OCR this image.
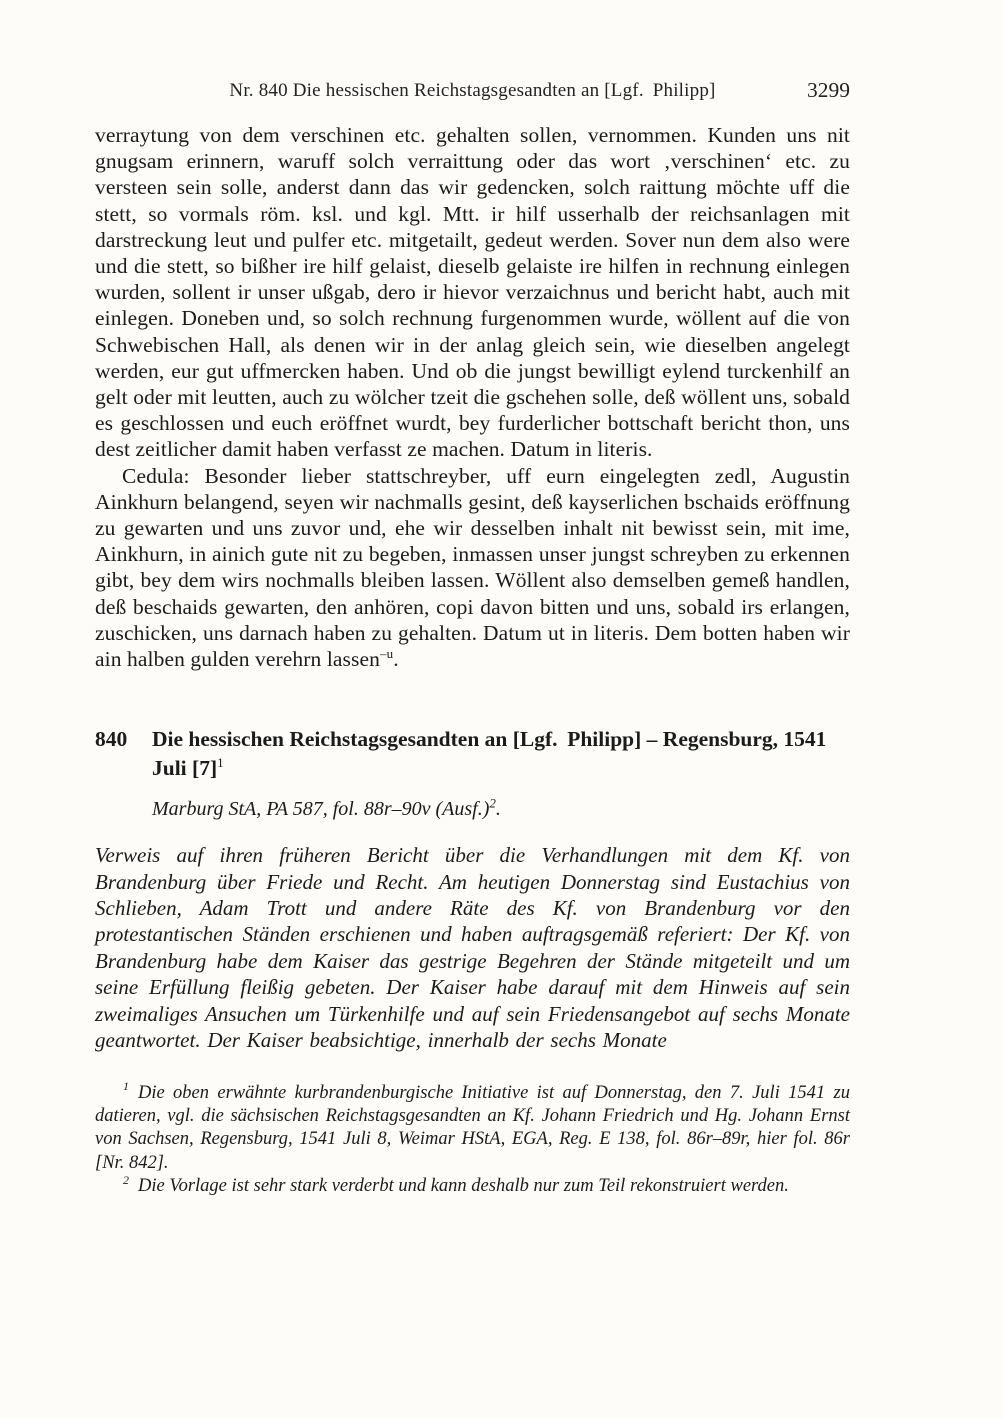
Nr. 840 Die hessischen Reichstagsgesandten an [Lgf.  Philipp]	3299

verraytung von dem verschinen etc. gehalten sollen, vernommen. Kunden uns nit gnugsam erinnern, waruff solch verraittung oder das wort ‚verschinen‘ etc. zu versteen sein solle, anderst dann das wir gedencken, solch raittung möchte uff die stett, so vormals röm. ksl. und kgl. Mtt. ir hilf usserhalb der reichsanlagen mit darstreckung leut und pulfer etc. mitgetailt, gedeut werden. Sover nun dem also were und die stett, so bißher ire hilf gelaist, dieselb gelaiste ire hilfen in rechnung einlegen wurden, sollent ir unser ußgab, dero ir hievor verzaichnus und bericht habt, auch mit einlegen. Doneben und, so solch rechnung furgenommen wurde, wöllent auf die von Schwebischen Hall, als denen wir in der anlag gleich sein, wie dieselben angelegt werden, eur gut uffmercken haben. Und ob die jungst bewilligt eylend turckenhilf an gelt oder mit leutten, auch zu wölcher tzeit die gschehen solle, deß wöllent uns, sobald es geschlossen und euch eröffnet wurdt, bey furderlicher bottschaft bericht thon, uns dest zeitlicher damit haben verfasst ze machen. Datum in literis.

Cedula: Besonder lieber stattschreyber, uff eurn eingelegten zedl, Augustin Ainkhurn belangend, seyen wir nachmalls gesint, deß kayserlichen bschaids eröffnung zu gewarten und uns zuvor und, ehe wir desselben inhalt nit bewisst sein, mit ime, Ainkhurn, in ainich gute nit zu begeben, inmassen unser jungst schreyben zu erkennen gibt, bey dem wirs nochmalls bleiben lassen. Wöllent also demselben gemeß handlen, deß beschaids gewarten, den anhören, copi davon bitten und uns, sobald irs erlangen, zuschicken, uns darnach haben zu gehalten. Datum ut in literis. Dem botten haben wir ain halben gulden verehrn lassen$^{-u}$.

840 Die hessischen Reichstagsgesandten an [Lgf.  Philipp] – Regensburg, 1541 Juli [7]$^1$

Marburg StA, PA 587, fol. 88r–90v (Ausf.)$^2$.

Verweis auf ihren früheren Bericht über die Verhandlungen mit dem Kf. von Brandenburg über Friede und Recht. Am heutigen Donnerstag sind Eustachius von Schlieben, Adam Trott und andere Räte des Kf. von Brandenburg vor den protestantischen Ständen erschienen und haben auftragsgemäß referiert: Der Kf. von Brandenburg habe dem Kaiser das gestrige Begehren der Stände mitgeteilt und um seine Erfüllung fleißig gebeten. Der Kaiser habe darauf mit dem Hinweis auf sein zweimaliges Ansuchen um Türkenhilfe und auf sein Friedensangebot auf sechs Monate geantwortet. Der Kaiser beabsichtige, innerhalb der sechs Monate

$^1$ Die oben erwähnte kurbrandenburgische Initiative ist auf Donnerstag, den 7. Juli 1541 zu datieren, vgl. die sächsischen Reichstagsgesandten an Kf. Johann Friedrich und Hg. Johann Ernst von Sachsen, Regensburg, 1541 Juli 8, Weimar HStA, EGA, Reg. E 138, fol. 86r–89r, hier fol. 86r [Nr. 842].

$^2$ Die Vorlage ist sehr stark verderbt und kann deshalb nur zum Teil rekonstruiert werden.
